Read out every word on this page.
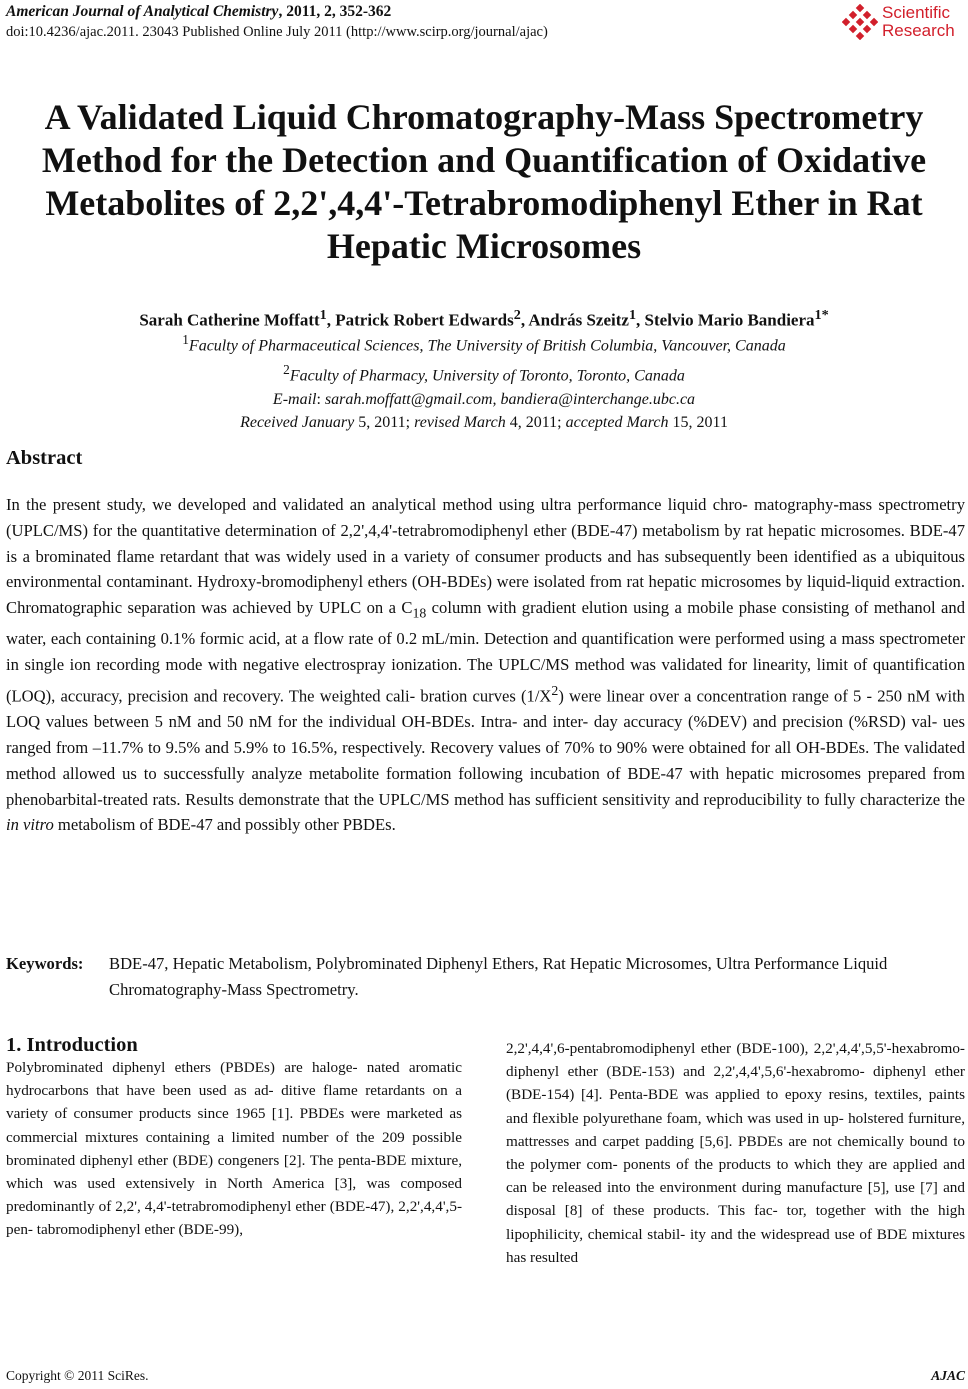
American Journal of Analytical Chemistry, 2011, 2, 352-362
doi:10.4236/ajac.2011. 23043 Published Online July 2011 (http://www.scirp.org/journal/ajac)
Scientific
Research
A Validated Liquid Chromatography-Mass Spectrometry
Method for the Detection and Quantification of Oxidative
Metabolites of 2,2',4,4'-Tetrabromodiphenyl Ether in Rat
Hepatic Microsomes
Sarah Catherine Moffatt$^1$, Patrick Robert Edwards$^2$, András Szeitz$^1$, Stelvio Mario Bandiera$^{1*}$
$^1$Faculty of Pharmaceutical Sciences, The University of British Columbia, Vancouver, Canada
$^2$Faculty of Pharmacy, University of Toronto, Toronto, Canada
E-mail: sarah.moffatt@gmail.com, bandiera@interchange.ubc.ca
Received January 5, 2011; revised March 4, 2011; accepted March 15, 2011
Abstract

In the present study, we developed and validated an analytical method using ultra performance liquid chro- matography-mass spectrometry (UPLC/MS) for the quantitative determination of 2,2',4,4'-tetrabromodiphenyl ether (BDE-47) metabolism by rat hepatic microsomes. BDE-47 is a brominated flame retardant that was widely used in a variety of consumer products and has subsequently been identified as a ubiquitous environmental contaminant. Hydroxy-bromodiphenyl ethers (OH-BDEs) were isolated from rat hepatic microsomes by liquid-liquid extraction. Chromatographic separation was achieved by UPLC on a $C_{18}$ column with gradient elution using a mobile phase consisting of methanol and water, each containing 0.1% formic acid, at a flow rate of 0.2 mL/min. Detection and quantification were performed using a mass spectrometer in single ion recording mode with negative electrospray ionization. The UPLC/MS method was validated for linearity, limit of quantification (LOQ), accuracy, precision and recovery. The weighted cali- bration curves $(1/X^2)$ were linear over a concentration range of 5 - 250 nM with LOQ values between 5 nM and 50 nM for the individual OH-BDEs. Intra- and inter- day accuracy (%DEV) and precision (%RSD) val- ues ranged from –11.7% to 9.5% and 5.9% to 16.5%, respectively. Recovery values of 70% to 90% were obtained for all OH-BDEs. The validated method allowed us to successfully analyze metabolite formation following incubation of BDE-47 with hepatic microsomes prepared from phenobarbital-treated rats. Results demonstrate that the UPLC/MS method has sufficient sensitivity and reproducibility to fully characterize the in vitro metabolism of BDE-47 and possibly other PBDEs.

Keywords: BDE-47, Hepatic Metabolism, Polybrominated Diphenyl Ethers, Rat Hepatic Microsomes, Ultra Performance Liquid Chromatography-Mass Spectrometry.
1. Introduction

Polybrominated diphenyl ethers (PBDEs) are haloge- nated aromatic hydrocarbons that have been used as ad- ditive flame retardants on a variety of consumer products since 1965 [1]. PBDEs were marketed as commercial mixtures containing a limited number of the 209 possible brominated diphenyl ether (BDE) congeners [2]. The penta-BDE mixture, which was used extensively in North America [3], was composed predominantly of 2,2', 4,4'-tetrabromodiphenyl ether (BDE-47), 2,2',4,4',5-pen- tabromodiphenyl ether (BDE-99),

2,2',4,4',6-pentabromodiphenyl ether (BDE-100), 2,2',4,4',5,5'-hexabromo- diphenyl ether (BDE-153) and 2,2',4,4',5,6'-hexabromo- diphenyl ether (BDE-154) [4]. Penta-BDE was applied to epoxy resins, textiles, paints and flexible polyurethane foam, which was used in up- holstered furniture, mattresses and carpet padding [5,6]. PBDEs are not chemically bound to the polymer com- ponents of the products to which they are applied and can be released into the environment during manufacture [5], use [7] and disposal [8] of these products. This fac- tor, together with the high lipophilicity, chemical stabil- ity and the widespread use of BDE mixtures has resulted

Copyright © 2011 SciRes.	AJAC
